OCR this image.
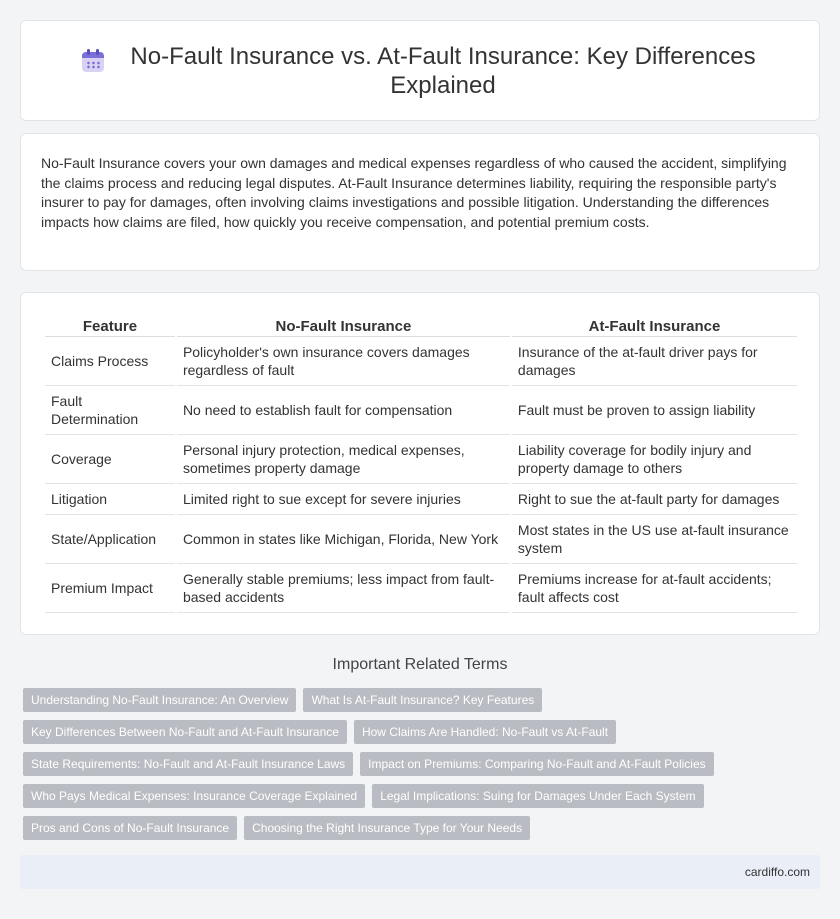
No-Fault Insurance vs. At-Fault Insurance: Key Differences Explained

No-Fault Insurance covers your own damages and medical expenses regardless of who caused the accident, simplifying the claims process and reducing legal disputes. At-Fault Insurance determines liability, requiring the responsible party's insurer to pay for damages, often involving claims investigations and possible litigation. Understanding the differences impacts how claims are filed, how quickly you receive compensation, and potential premium costs.

Feature	No-Fault Insurance	At-Fault Insurance
Claims Process	Policyholder's own insurance covers damages regardless of fault	Insurance of the at-fault driver pays for damages
Fault Determination	No need to establish fault for compensation	Fault must be proven to assign liability
Coverage	Personal injury protection, medical expenses, sometimes property damage	Liability coverage for bodily injury and property damage to others
Litigation	Limited right to sue except for severe injuries	Right to sue the at-fault party for damages
State/Application	Common in states like Michigan, Florida, New York	Most states in the US use at-fault insurance system
Premium Impact	Generally stable premiums; less impact from fault-based accidents	Premiums increase for at-fault accidents; fault affects cost
Important Related Terms
Understanding No-Fault Insurance: An Overview	What Is At-Fault Insurance? Key Features
Key Differences Between No-Fault and At-Fault Insurance	How Claims Are Handled: No-Fault vs At-Fault
State Requirements: No-Fault and At-Fault Insurance Laws	Impact on Premiums: Comparing No-Fault and At-Fault Policies
Who Pays Medical Expenses: Insurance Coverage Explained	Legal Implications: Suing for Damages Under Each System
Pros and Cons of No-Fault Insurance	Choosing the Right Insurance Type for Your Needs
cardiffo.com
